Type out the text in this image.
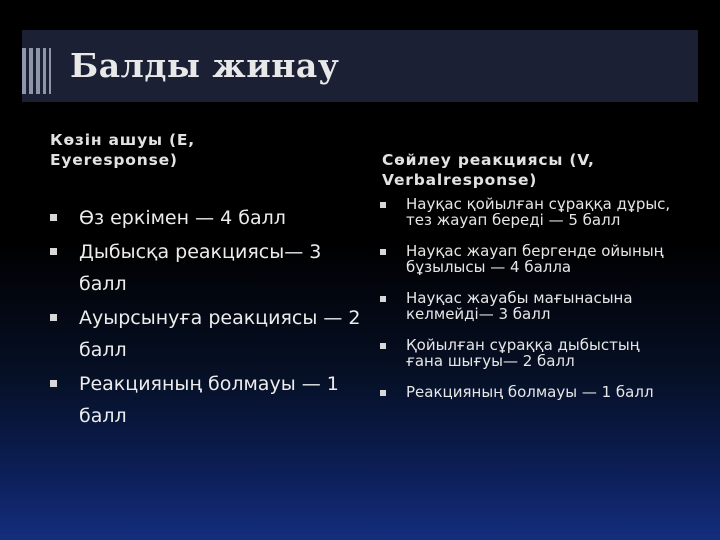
Балды жинау
Көзін ашуы (E, Eyeresponse)
Өз еркімен — 4 балл
Дыбысқа реакциясы— 3 балл
Ауырсынуға реакциясы — 2 балл
Реакцияның болмауы — 1 балл
Сөйлеу реакциясы (V, Verbalresponse)
Науқас қойылған сұраққа дұрыс, тез жауап береді — 5 балл
Науқас жауап бергенде ойының бұзылысы — 4 балла
Науқас жауабы мағынасына келмейді— 3 балл
Қойылған сұраққа дыбыстың ғана шығуы— 2 балл
Реакцияның болмауы — 1 балл
